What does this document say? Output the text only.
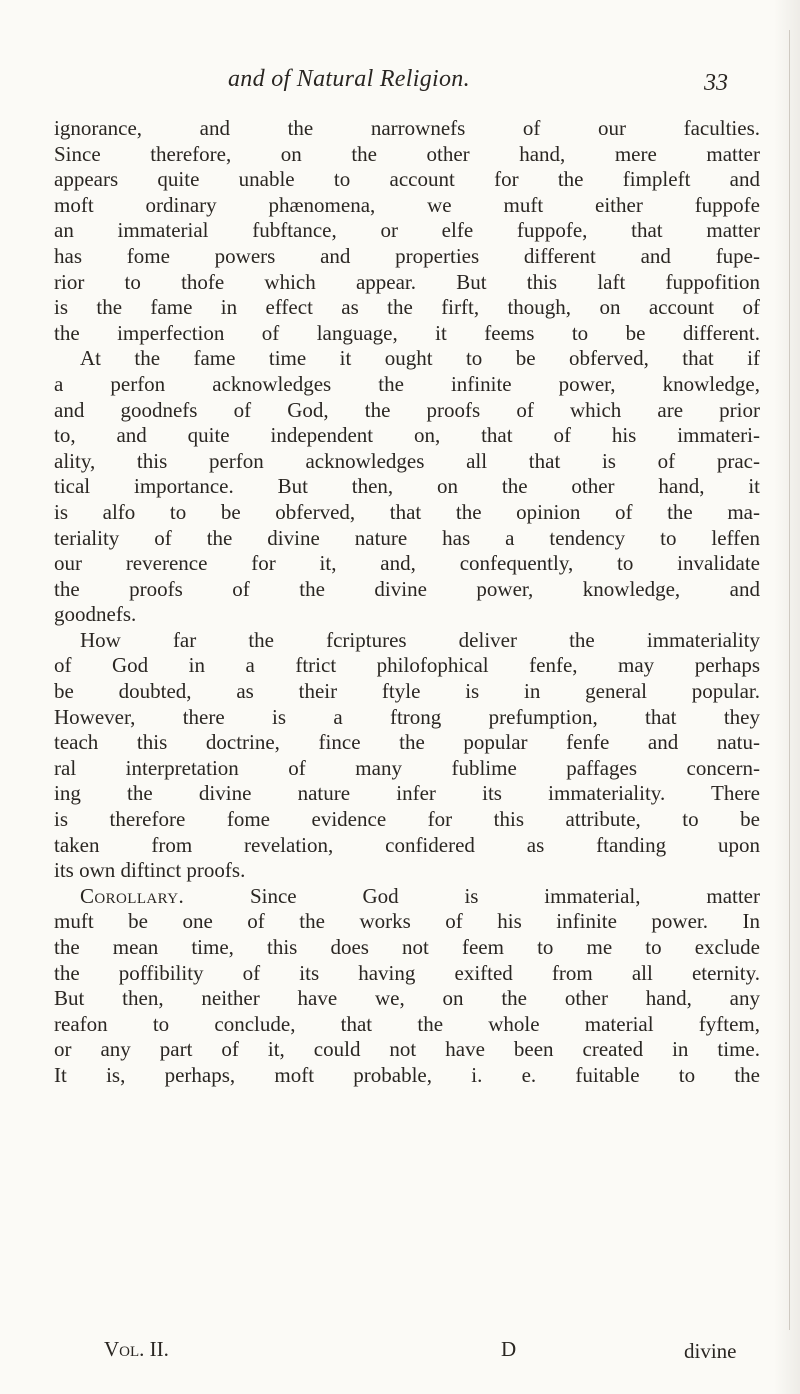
and of Natural Religion.	33
ignorance, and the narrownefs of our faculties.
Since therefore, on the other hand, mere matter
appears quite unable to account for the fimpleft and
moft ordinary phænomena, we muft either fuppofe
an immaterial fubftance, or elfe fuppofe, that matter
has fome powers and properties different and fupe-
rior to thofe which appear. But this laft fuppofition
is the fame in effect as the firft, though, on account of
the imperfection of language, it feems to be different.
At the fame time it ought to be obferved, that if
a perfon acknowledges the infinite power, knowledge,
and goodnefs of God, the proofs of which are prior
to, and quite independent on, that of his immateri-
ality, this perfon acknowledges all that is of prac-
tical importance. But then, on the other hand, it
is alfo to be obferved, that the opinion of the ma-
teriality of the divine nature has a tendency to leffen
our reverence for it, and, confequently, to invalidate
the proofs of the divine power, knowledge, and
goodnefs.
How far the fcriptures deliver the immateriality
of God in a ftrict philofophical fenfe, may perhaps
be doubted, as their ftyle is in general popular.
However, there is a ftrong prefumption, that they
teach this doctrine, fince the popular fenfe and natu-
ral interpretation of many fublime paffages concern-
ing the divine nature infer its immateriality. There
is therefore fome evidence for this attribute, to be
taken from revelation, confidered as ftanding upon
its own diftinct proofs.
Corollary.	Since God is immaterial, matter
muft be one of the works of his infinite power. In
the mean time, this does not feem to me to exclude
the poffibility of its having exifted from all eternity.
But then, neither have we, on the other hand, any
reafon to conclude, that the whole material fyftem,
or any part of it, could not have been created in time.
It is, perhaps, moft probable, i. e. fuitable to the
Vol. II.	D	divine
